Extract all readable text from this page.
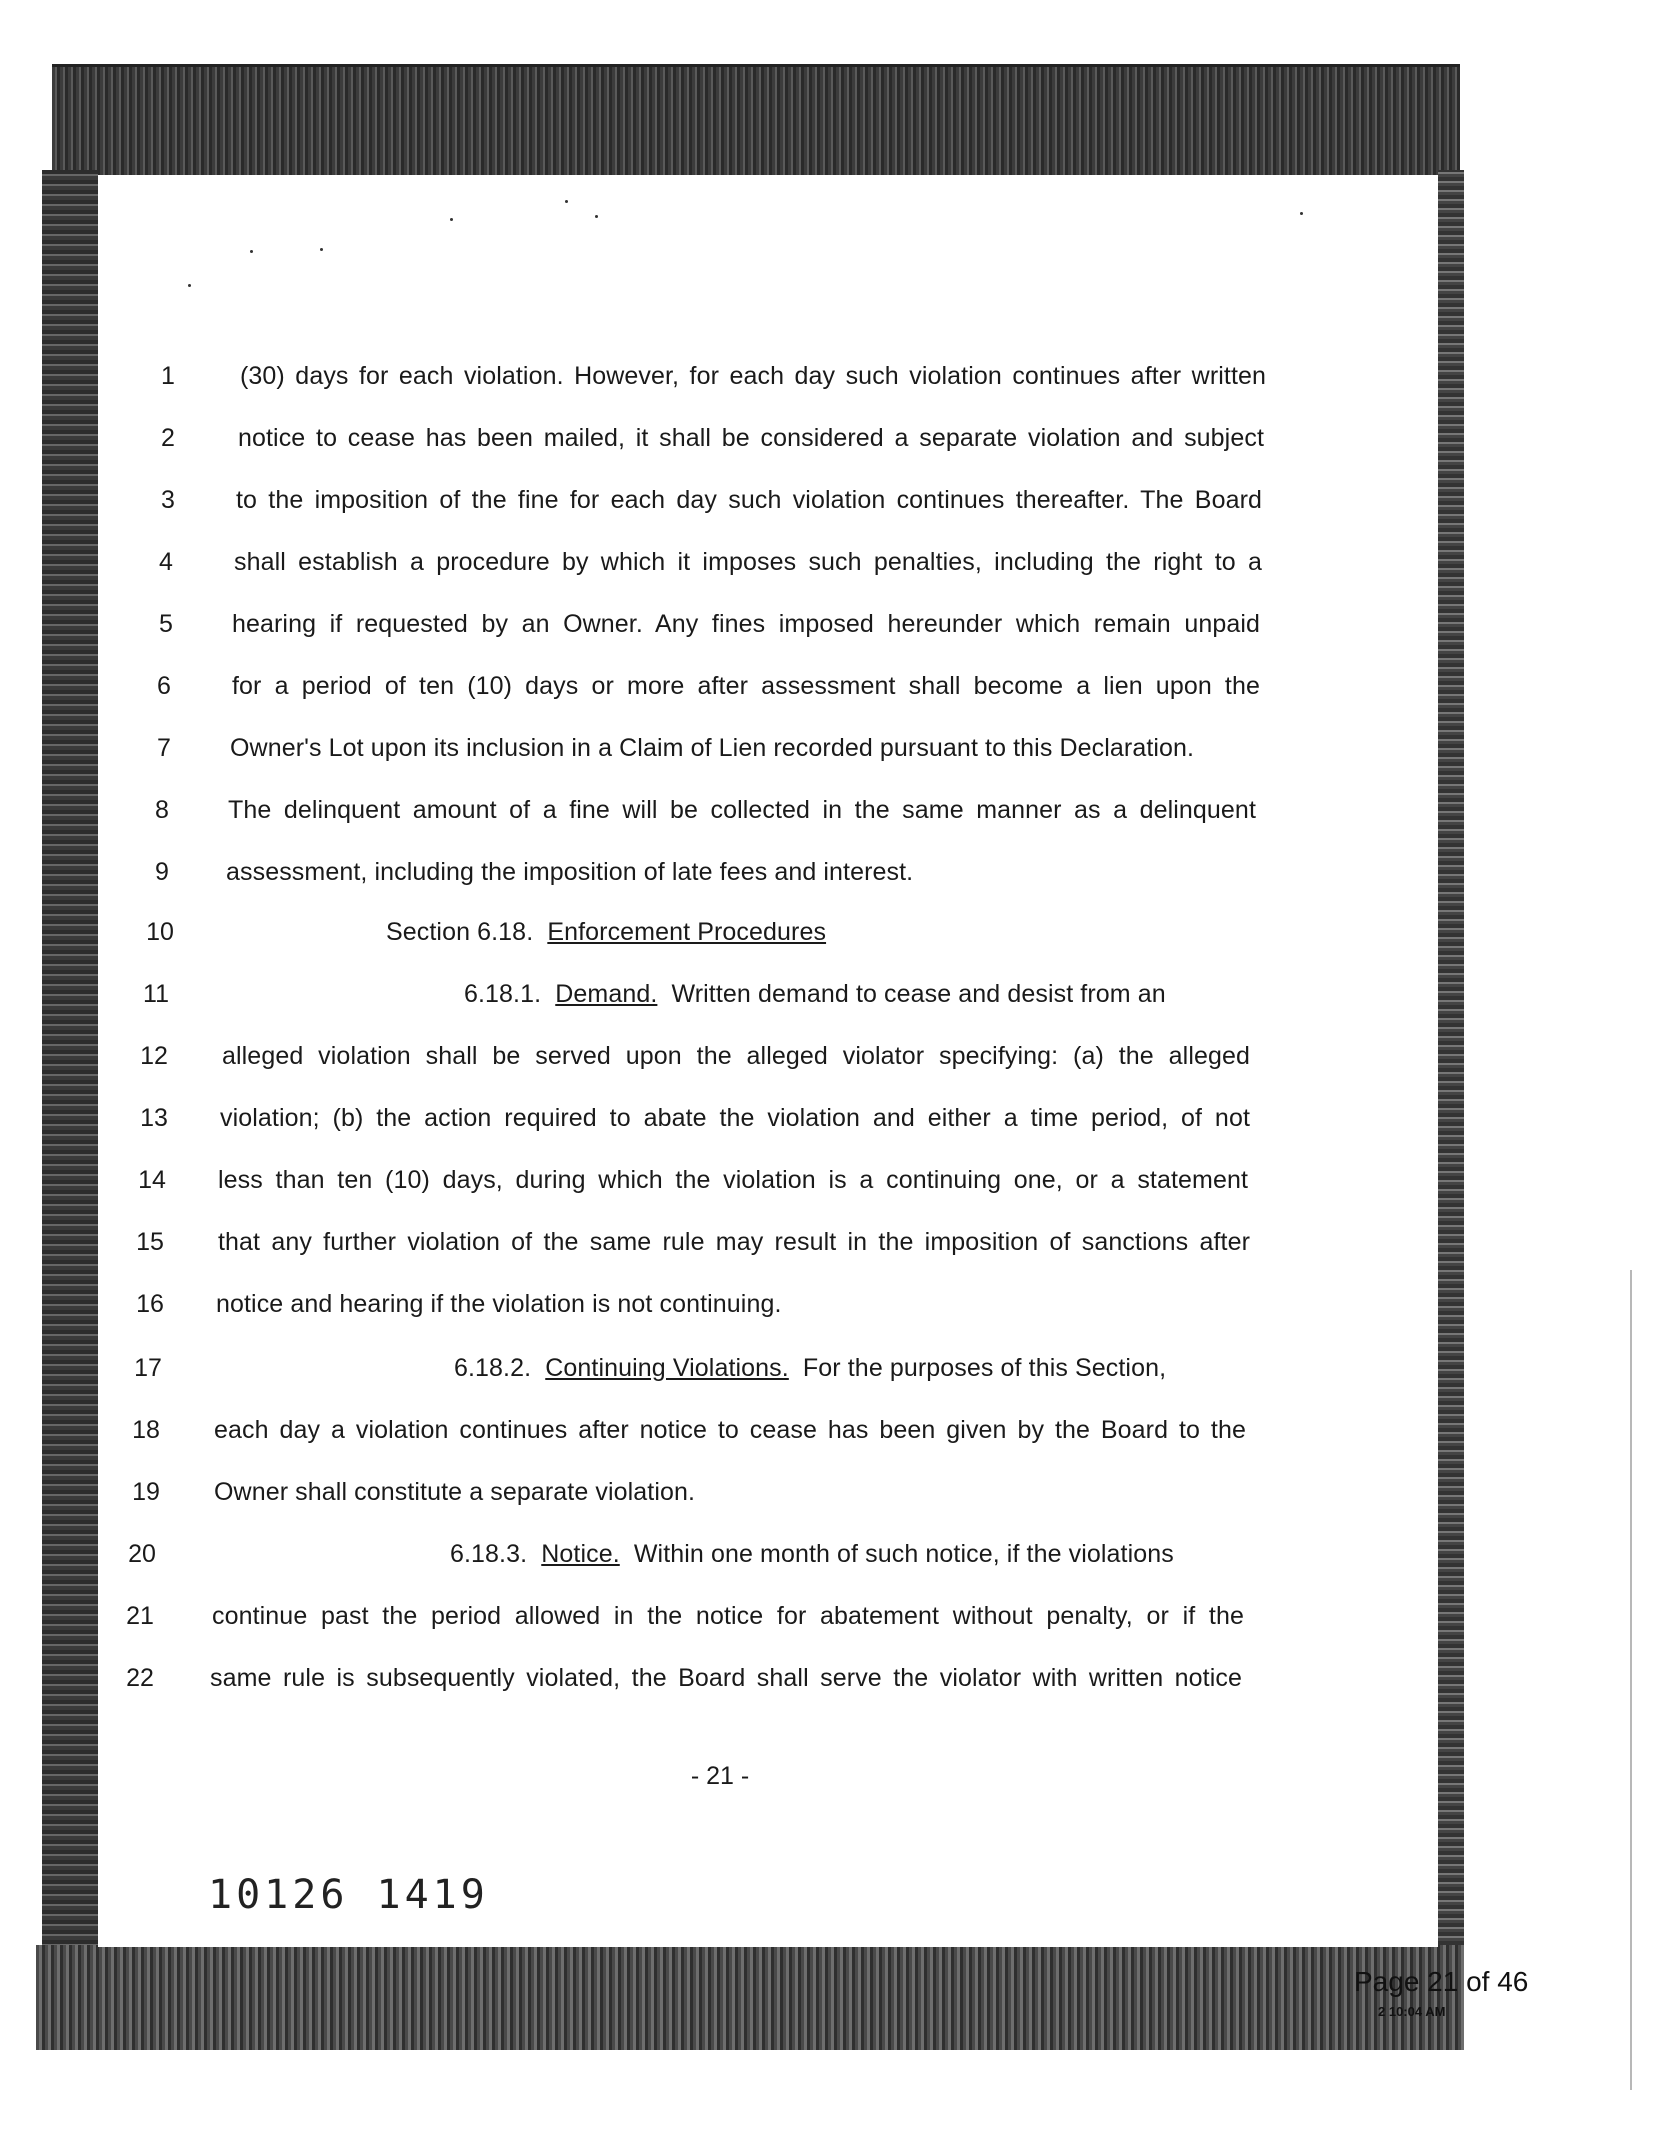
1	(30) days for each violation. However, for each day such violation continues after written
2	notice to cease has been mailed, it shall be considered a separate violation and subject
3	to the imposition of the fine for each day such violation continues thereafter. The Board
4	shall establish a procedure by which it imposes such penalties, including the right to a
5	hearing if requested by an Owner. Any fines imposed hereunder which remain unpaid
6	for a period of ten (10) days or more after assessment shall become a lien upon the
7	Owner's Lot upon its inclusion in a Claim of Lien recorded pursuant to this Declaration.
8	The delinquent amount of a fine will be collected in the same manner as a delinquent
9	assessment, including the imposition of late fees and interest.
10	Section 6.18.  Enforcement Procedures
11	6.18.1.  Demand.  Written demand to cease and desist from an
12	alleged violation shall be served upon the alleged violator specifying: (a) the alleged
13	violation; (b) the action required to abate the violation and either a time period, of not
14	less than ten (10) days, during which the violation is a continuing one, or a statement
15	that any further violation of the same rule may result in the imposition of sanctions after
16	notice and hearing if the violation is not continuing.
17	6.18.2.  Continuing Violations.  For the purposes of this Section,
18	each day a violation continues after notice to cease has been given by the Board to the
19	Owner shall constitute a separate violation.
20	6.18.3.  Notice.  Within one month of such notice, if the violations
21	continue past the period allowed in the notice for abatement without penalty, or if the
22	same rule is subsequently violated, the Board shall serve the violator with written notice
- 21 -
10126 1419
Page 21 of 46
2 10:04 AM
